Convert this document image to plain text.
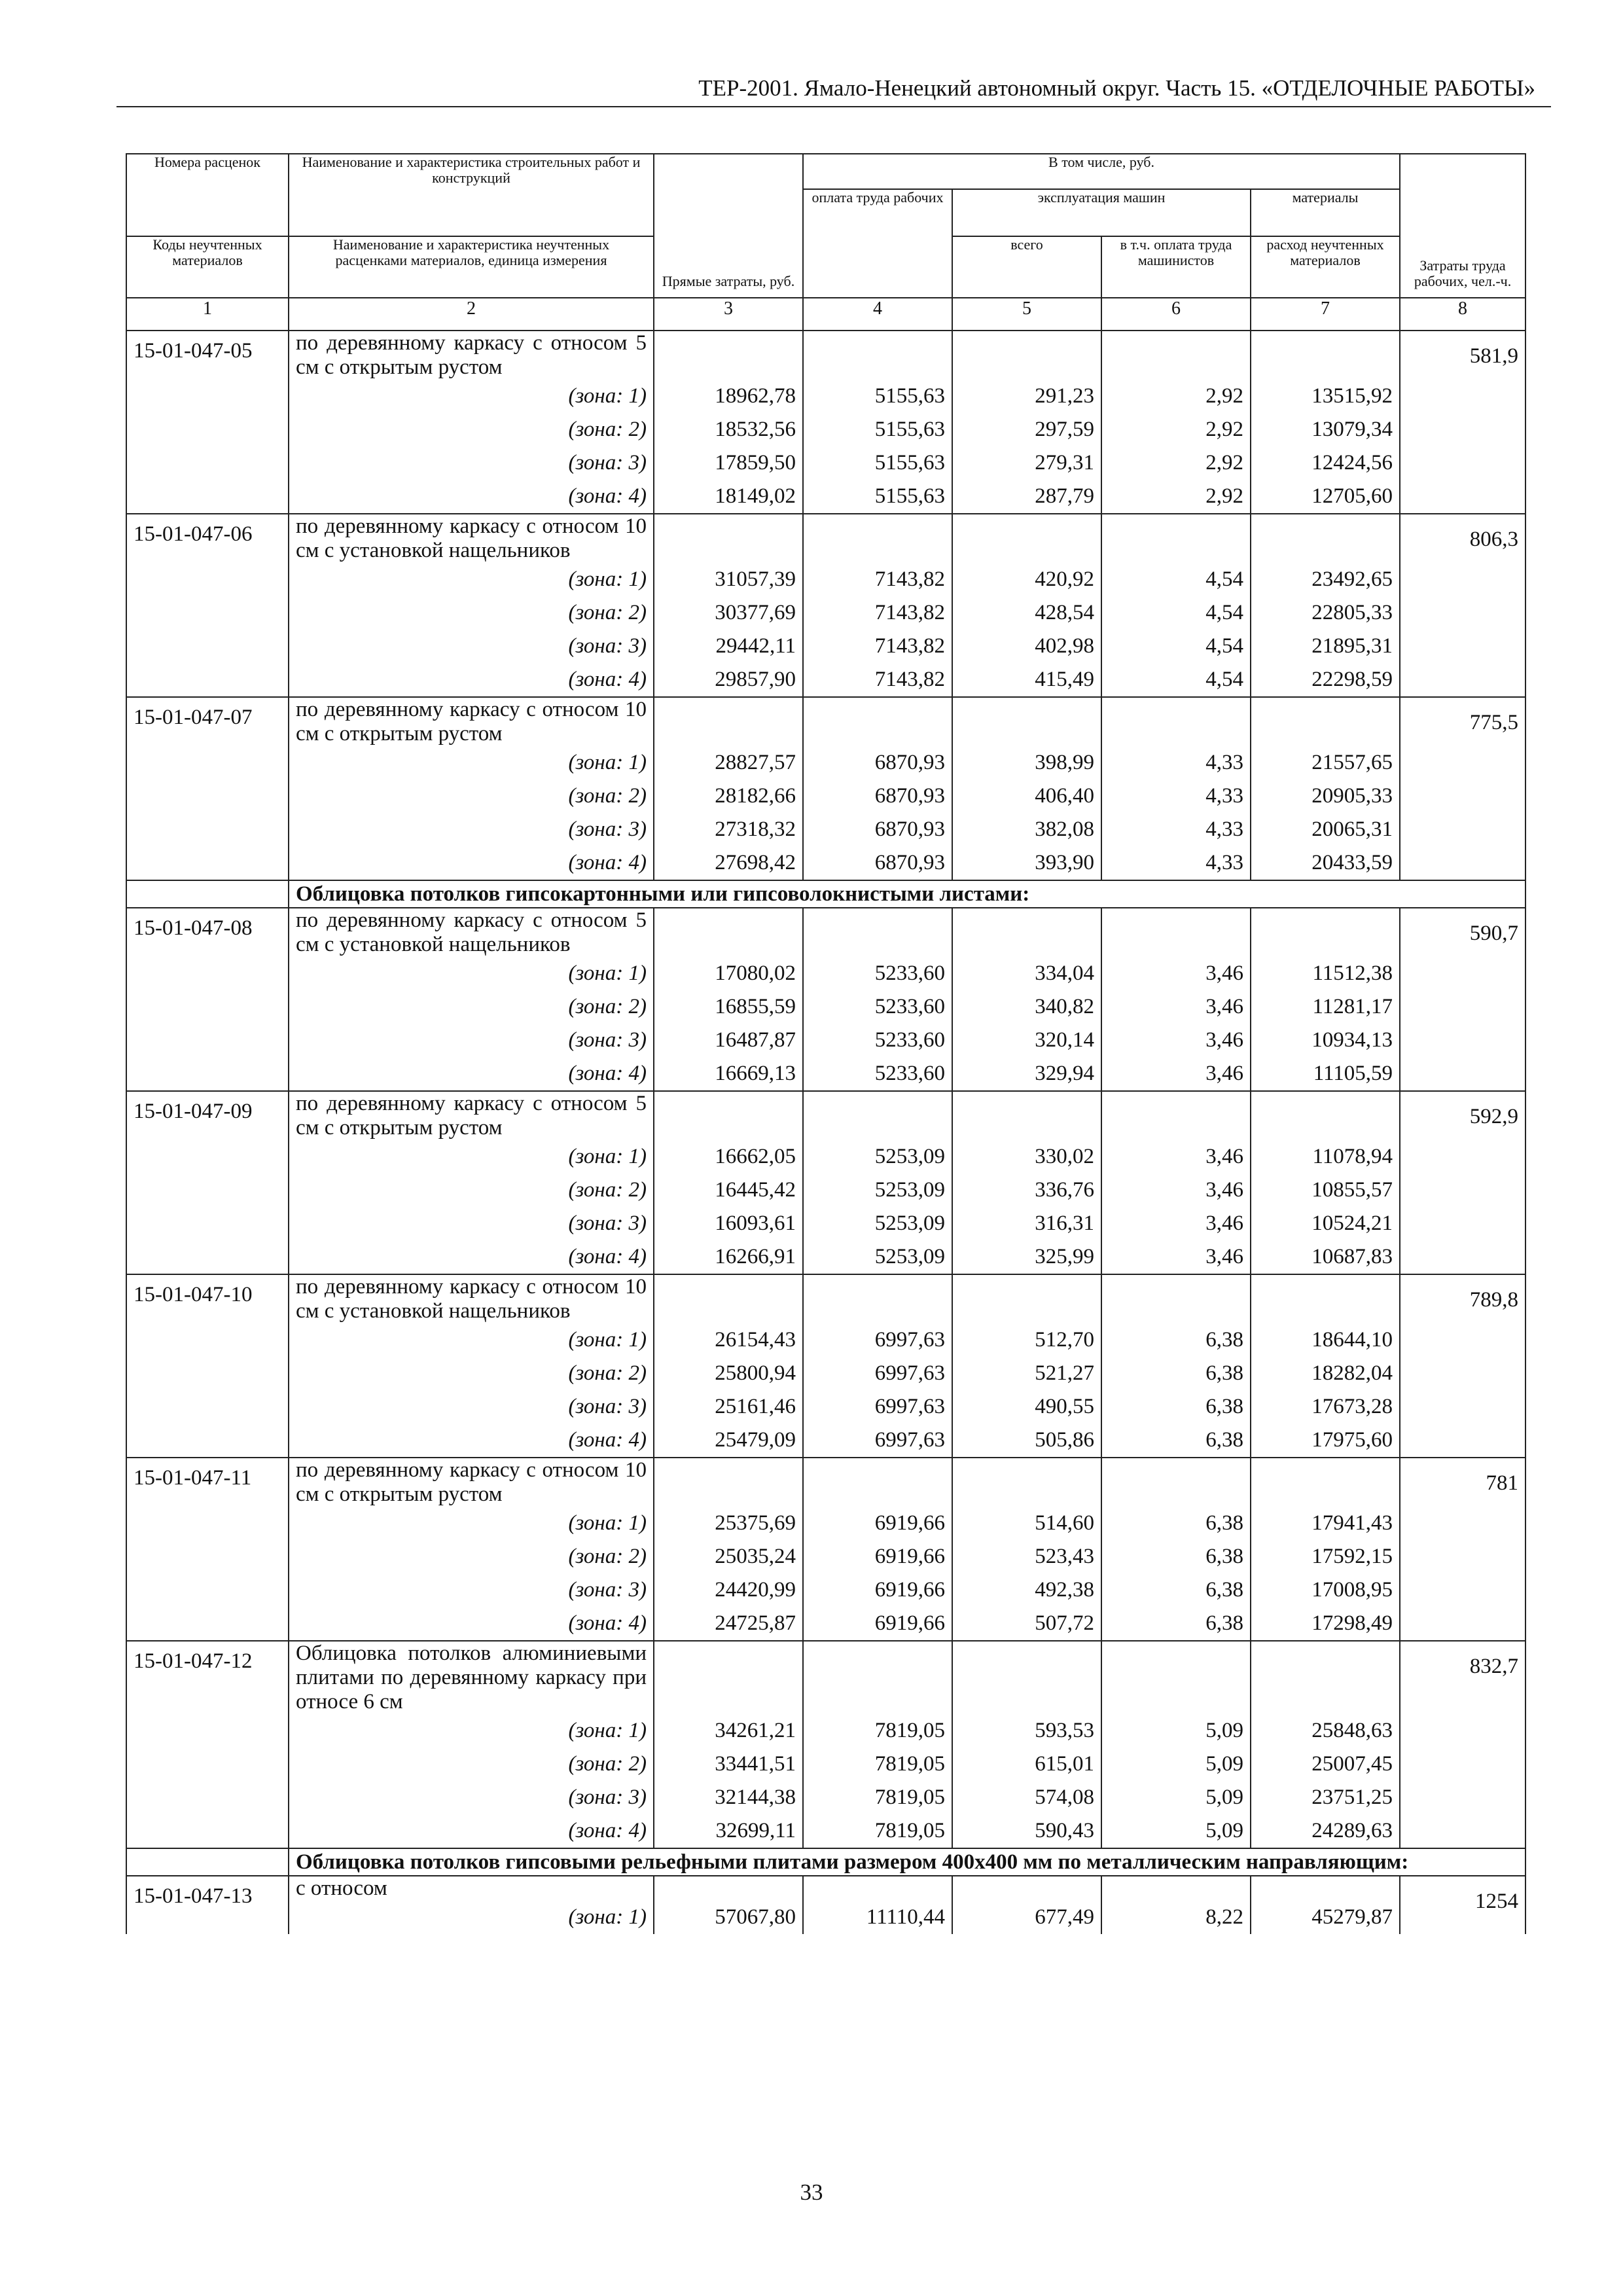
ТЕР-2001. Ямало-Ненецкий автономный округ. Часть 15. «ОТДЕЛОЧНЫЕ РАБОТЫ»
Номера расценок	Наименование и характеристика строительных работ и конструкций	Прямые затраты, руб.	В том числе, руб.				Затраты труда рабочих, чел.-ч.
			оплата труда рабочих	эксплуатация машин		материалы	
Коды неучтенных материалов	Наименование и характеристика неучтенных расценками материалов, единица измерения			всего	в т.ч. оплата труда машинистов	расход неучтенных материалов	
1	2	3	4	5	6	7	8
15-01-047-05	по деревянному каркасу с относом 5 см с открытым рустом						581,9
	(зона: 1)	18962,78	5155,63	291,23	2,92	13515,92	
	(зона: 2)	18532,56	5155,63	297,59	2,92	13079,34	
	(зона: 3)	17859,50	5155,63	279,31	2,92	12424,56	
	(зона: 4)	18149,02	5155,63	287,79	2,92	12705,60	
15-01-047-06	по деревянному каркасу с относом 10 см с установкой нащельников						806,3
	(зона: 1)	31057,39	7143,82	420,92	4,54	23492,65	
	(зона: 2)	30377,69	7143,82	428,54	4,54	22805,33	
	(зона: 3)	29442,11	7143,82	402,98	4,54	21895,31	
	(зона: 4)	29857,90	7143,82	415,49	4,54	22298,59	
15-01-047-07	по деревянному каркасу с относом 10 см с открытым рустом						775,5
	(зона: 1)	28827,57	6870,93	398,99	4,33	21557,65	
	(зона: 2)	28182,66	6870,93	406,40	4,33	20905,33	
	(зона: 3)	27318,32	6870,93	382,08	4,33	20065,31	
	(зона: 4)	27698,42	6870,93	393,90	4,33	20433,59	
	Облицовка потолков гипсокартонными или гипсоволокнистыми листами:						
15-01-047-08	по деревянному каркасу с относом 5 см с установкой нащельников						590,7
	(зона: 1)	17080,02	5233,60	334,04	3,46	11512,38	
	(зона: 2)	16855,59	5233,60	340,82	3,46	11281,17	
	(зона: 3)	16487,87	5233,60	320,14	3,46	10934,13	
	(зона: 4)	16669,13	5233,60	329,94	3,46	11105,59	
15-01-047-09	по деревянному каркасу с относом 5 см с открытым рустом						592,9
	(зона: 1)	16662,05	5253,09	330,02	3,46	11078,94	
	(зона: 2)	16445,42	5253,09	336,76	3,46	10855,57	
	(зона: 3)	16093,61	5253,09	316,31	3,46	10524,21	
	(зона: 4)	16266,91	5253,09	325,99	3,46	10687,83	
15-01-047-10	по деревянному каркасу с относом 10 см с установкой нащельников						789,8
	(зона: 1)	26154,43	6997,63	512,70	6,38	18644,10	
	(зона: 2)	25800,94	6997,63	521,27	6,38	18282,04	
	(зона: 3)	25161,46	6997,63	490,55	6,38	17673,28	
	(зона: 4)	25479,09	6997,63	505,86	6,38	17975,60	
15-01-047-11	по деревянному каркасу с относом 10 см с открытым рустом						781
	(зона: 1)	25375,69	6919,66	514,60	6,38	17941,43	
	(зона: 2)	25035,24	6919,66	523,43	6,38	17592,15	
	(зона: 3)	24420,99	6919,66	492,38	6,38	17008,95	
	(зона: 4)	24725,87	6919,66	507,72	6,38	17298,49	
15-01-047-12	Облицовка потолков алюминиевыми плитами по деревянному каркасу при относе 6 см						832,7
	(зона: 1)	34261,21	7819,05	593,53	5,09	25848,63	
	(зона: 2)	33441,51	7819,05	615,01	5,09	25007,45	
	(зона: 3)	32144,38	7819,05	574,08	5,09	23751,25	
	(зона: 4)	32699,11	7819,05	590,43	5,09	24289,63	
	Облицовка потолков гипсовыми рельефными плитами размером 400х400 мм по металлическим направляющим:						
15-01-047-13	с относом						1254
	(зона: 1)	57067,80	11110,44	677,49	8,22	45279,87	
33
